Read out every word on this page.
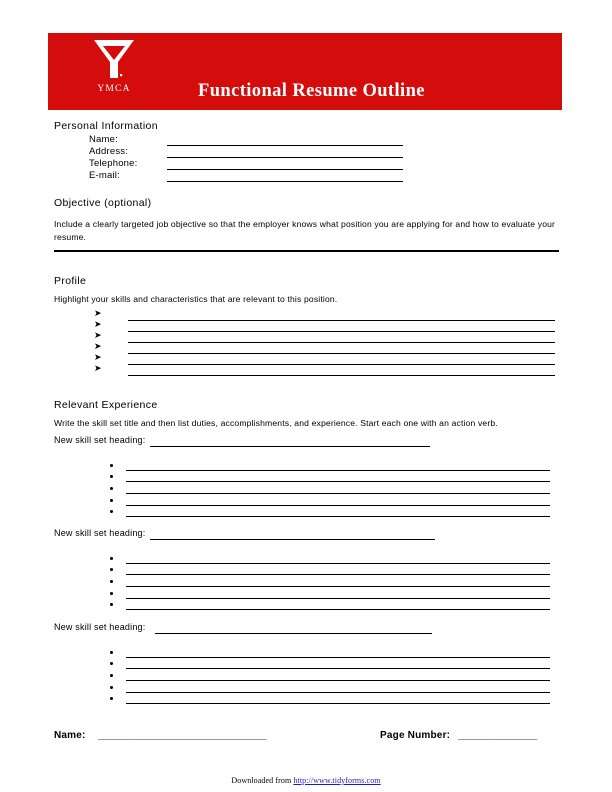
YMCA	Functional Resume Outline
Personal Information
Name:
Address:
Telephone:
E-mail:
Objective (optional)
Include a clearly targeted job objective so that the employer knows what position you are applying for and how to evaluate your resume.
Profile
Highlight your skills and characteristics that are relevant to this position.
➤
➤
➤
➤
➤
➤
Relevant Experience
Write the skill set title and then list duties, accomplishments, and experience. Start each one with an action verb.
New skill set heading:
New skill set heading:
New skill set heading:
Name: ________________________________	Page Number: _______________
Downloaded from http://www.tidyforms.com
